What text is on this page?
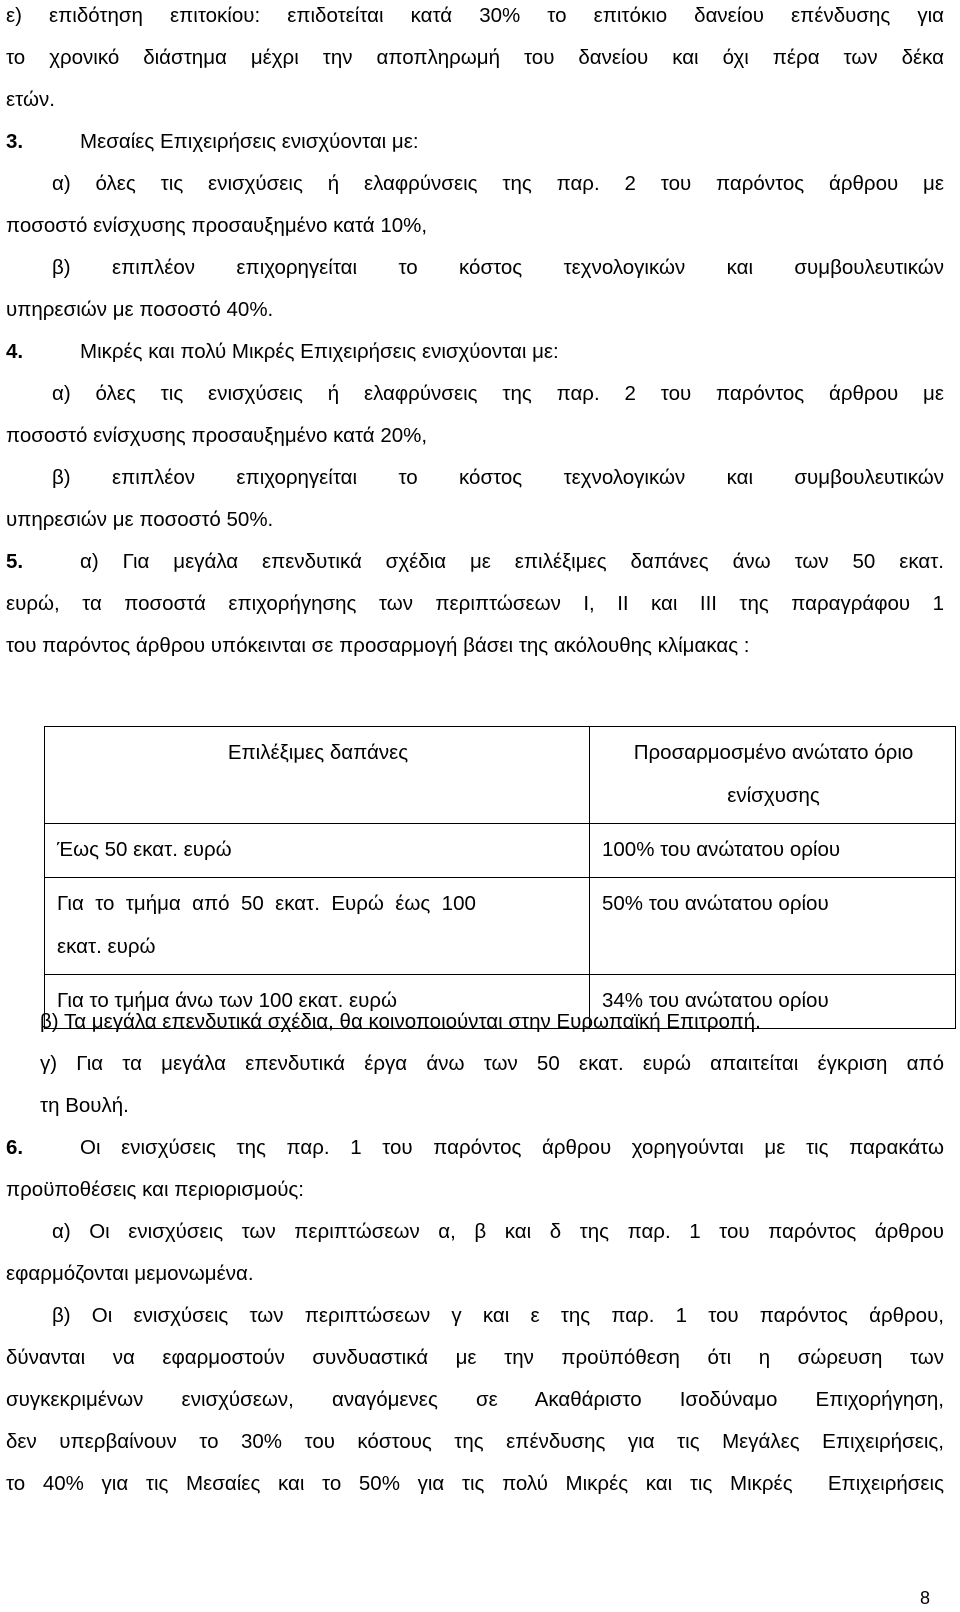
ε) επιδότηση επιτοκίου: επιδοτείται κατά 30% το επιτόκιο δανείου επένδυσης για
το χρονικό διάστημα μέχρι την αποπληρωμή του δανείου και όχι πέρα των δέκα
ετών.
3.	Μεσαίες Επιχειρήσεις ενισχύονται με:
α) όλες τις ενισχύσεις ή ελαφρύνσεις της παρ. 2 του παρόντος άρθρου με
ποσοστό ενίσχυσης προσαυξημένο κατά 10%,
β) επιπλέον επιχορηγείται το κόστος τεχνολογικών και συμβουλευτικών
υπηρεσιών με ποσοστό 40%.
4.	Μικρές και πολύ Μικρές Επιχειρήσεις ενισχύονται με:
α) όλες τις ενισχύσεις ή ελαφρύνσεις της παρ. 2 του παρόντος άρθρου με
ποσοστό ενίσχυσης προσαυξημένο κατά 20%,
β) επιπλέον επιχορηγείται το κόστος τεχνολογικών και συμβουλευτικών
υπηρεσιών με ποσοστό 50%.
5.	α) Για μεγάλα επενδυτικά σχέδια με επιλέξιμες δαπάνες άνω των 50 εκατ.
ευρώ, τα ποσοστά επιχορήγησης των περιπτώσεων Ι, ΙΙ και ΙΙΙ της παραγράφου 1
του παρόντος άρθρου υπόκεινται σε προσαρμογή βάσει της ακόλουθης κλίμακας :
Επιλέξιμες δαπάνες	Προσαρμοσμένο ανώτατο όριο
ενίσχυσης

Έως 50 εκατ. ευρώ	100% του ανώτατου ορίου

Για  το  τμήμα  από  50  εκατ.  Ευρώ  έως  100
εκατ. ευρώ	50% του ανώτατου ορίου
Για το τμήμα άνω των 100 εκατ. ευρώ	34% του ανώτατου ορίου
β) Τα μεγάλα επενδυτικά σχέδια, θα κοινοποιούνται στην Ευρωπαϊκή Επιτροπή.
γ) Για τα μεγάλα επενδυτικά έργα άνω των 50 εκατ. ευρώ απαιτείται έγκριση από
τη Βουλή.
6.	Οι ενισχύσεις της παρ. 1 του παρόντος άρθρου χορηγούνται με τις παρακάτω
προϋποθέσεις και περιορισμούς:
α) Οι ενισχύσεις των περιπτώσεων α, β και δ της παρ. 1 του παρόντος άρθρου
εφαρμόζονται μεμονωμένα.
β) Οι ενισχύσεις των περιπτώσεων γ και ε της παρ. 1 του παρόντος άρθρου,
δύνανται να εφαρμοστούν συνδυαστικά με την προϋπόθεση ότι η σώρευση των
συγκεκριμένων ενισχύσεων, αναγόμενες σε Ακαθάριστο Ισοδύναμο Επιχορήγηση,
δεν υπερβαίνουν το 30% του κόστους της επένδυσης για τις Μεγάλες Επιχειρήσεις,
το 40% για τις Μεσαίες και το 50% για τις πολύ Μικρές και τις Μικρές  Επιχειρήσεις
8
